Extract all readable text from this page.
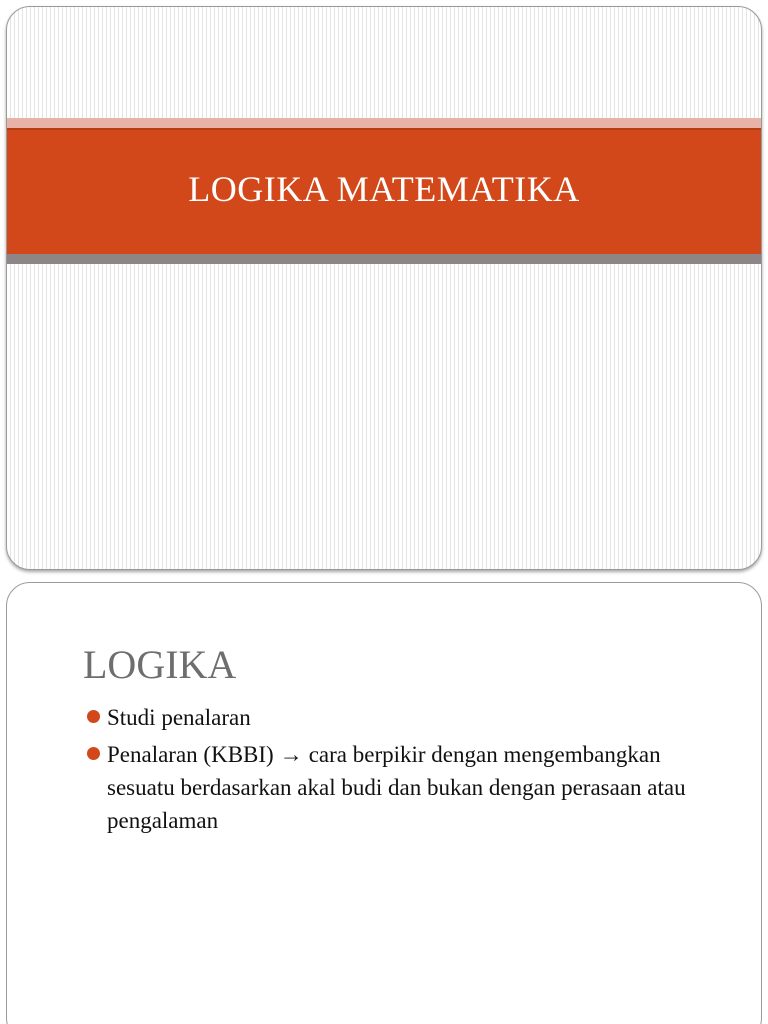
LOGIKA MATEMATIKA
LOGIKA
Studi penalaran
Penalaran (KBBI) → cara berpikir dengan mengembangkan sesuatu berdasarkan akal budi dan bukan dengan perasaan atau pengalaman
